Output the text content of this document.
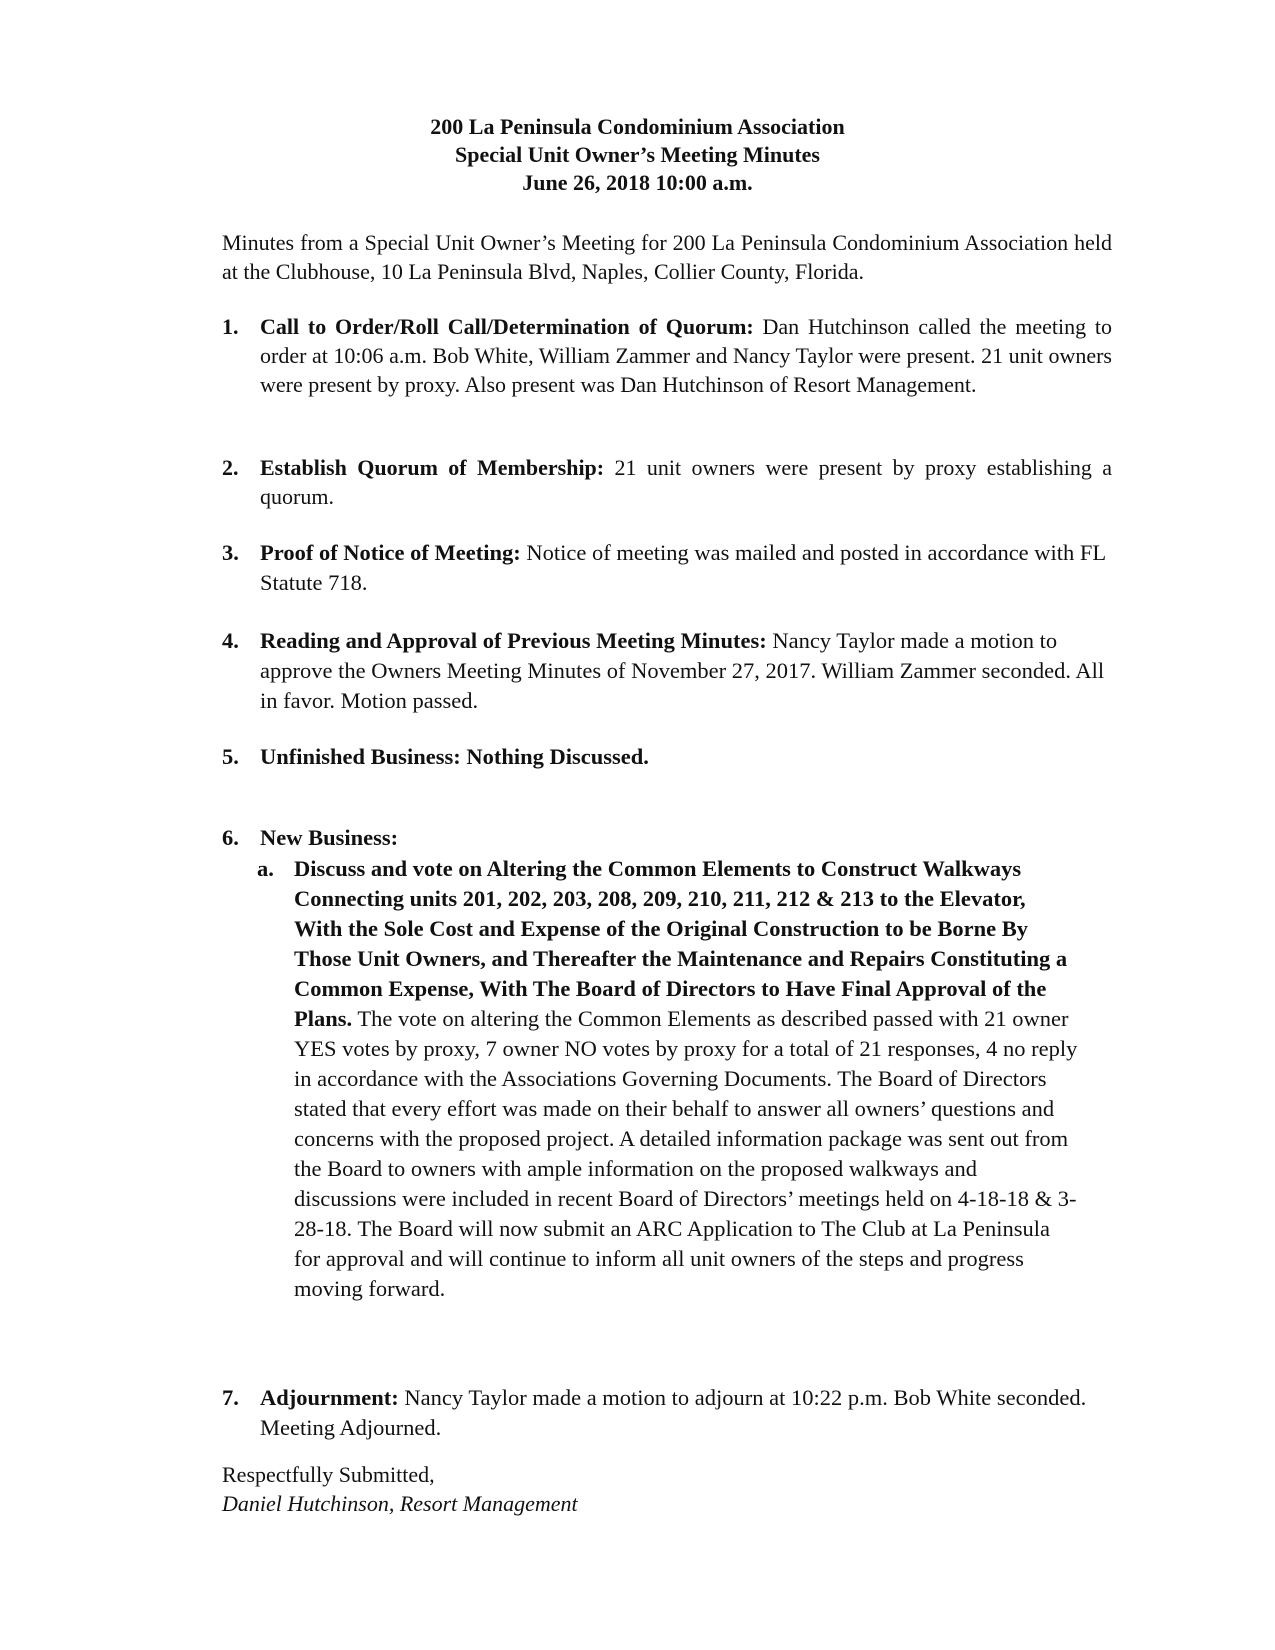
200 La Peninsula Condominium Association
Special Unit Owner’s Meeting Minutes
June 26, 2018 10:00 a.m.
Minutes from a Special Unit Owner’s Meeting for 200 La Peninsula Condominium Association held at the Clubhouse, 10 La Peninsula Blvd, Naples, Collier County, Florida.
1. Call to Order/Roll Call/Determination of Quorum: Dan Hutchinson called the meeting to order at 10:06 a.m. Bob White, William Zammer and Nancy Taylor were present. 21 unit owners were present by proxy. Also present was Dan Hutchinson of Resort Management.
2. Establish Quorum of Membership: 21 unit owners were present by proxy establishing a quorum.
3. Proof of Notice of Meeting: Notice of meeting was mailed and posted in accordance with FL Statute 718.
4. Reading and Approval of Previous Meeting Minutes: Nancy Taylor made a motion to approve the Owners Meeting Minutes of November 27, 2017. William Zammer seconded. All in favor. Motion passed.
5. Unfinished Business: Nothing Discussed.
6. New Business:
a. Discuss and vote on Altering the Common Elements to Construct Walkways Connecting units 201, 202, 203, 208, 209, 210, 211, 212 & 213 to the Elevator, With the Sole Cost and Expense of the Original Construction to be Borne By Those Unit Owners, and Thereafter the Maintenance and Repairs Constituting a Common Expense, With The Board of Directors to Have Final Approval of the Plans. The vote on altering the Common Elements as described passed with 21 owner YES votes by proxy, 7 owner NO votes by proxy for a total of 21 responses, 4 no reply in accordance with the Associations Governing Documents. The Board of Directors stated that every effort was made on their behalf to answer all owners’ questions and concerns with the proposed project. A detailed information package was sent out from the Board to owners with ample information on the proposed walkways and discussions were included in recent Board of Directors’ meetings held on 4-18-18 & 3-28-18. The Board will now submit an ARC Application to The Club at La Peninsula for approval and will continue to inform all unit owners of the steps and progress moving forward.
7. Adjournment: Nancy Taylor made a motion to adjourn at 10:22 p.m. Bob White seconded. Meeting Adjourned.
Respectfully Submitted,
Daniel Hutchinson, Resort Management
